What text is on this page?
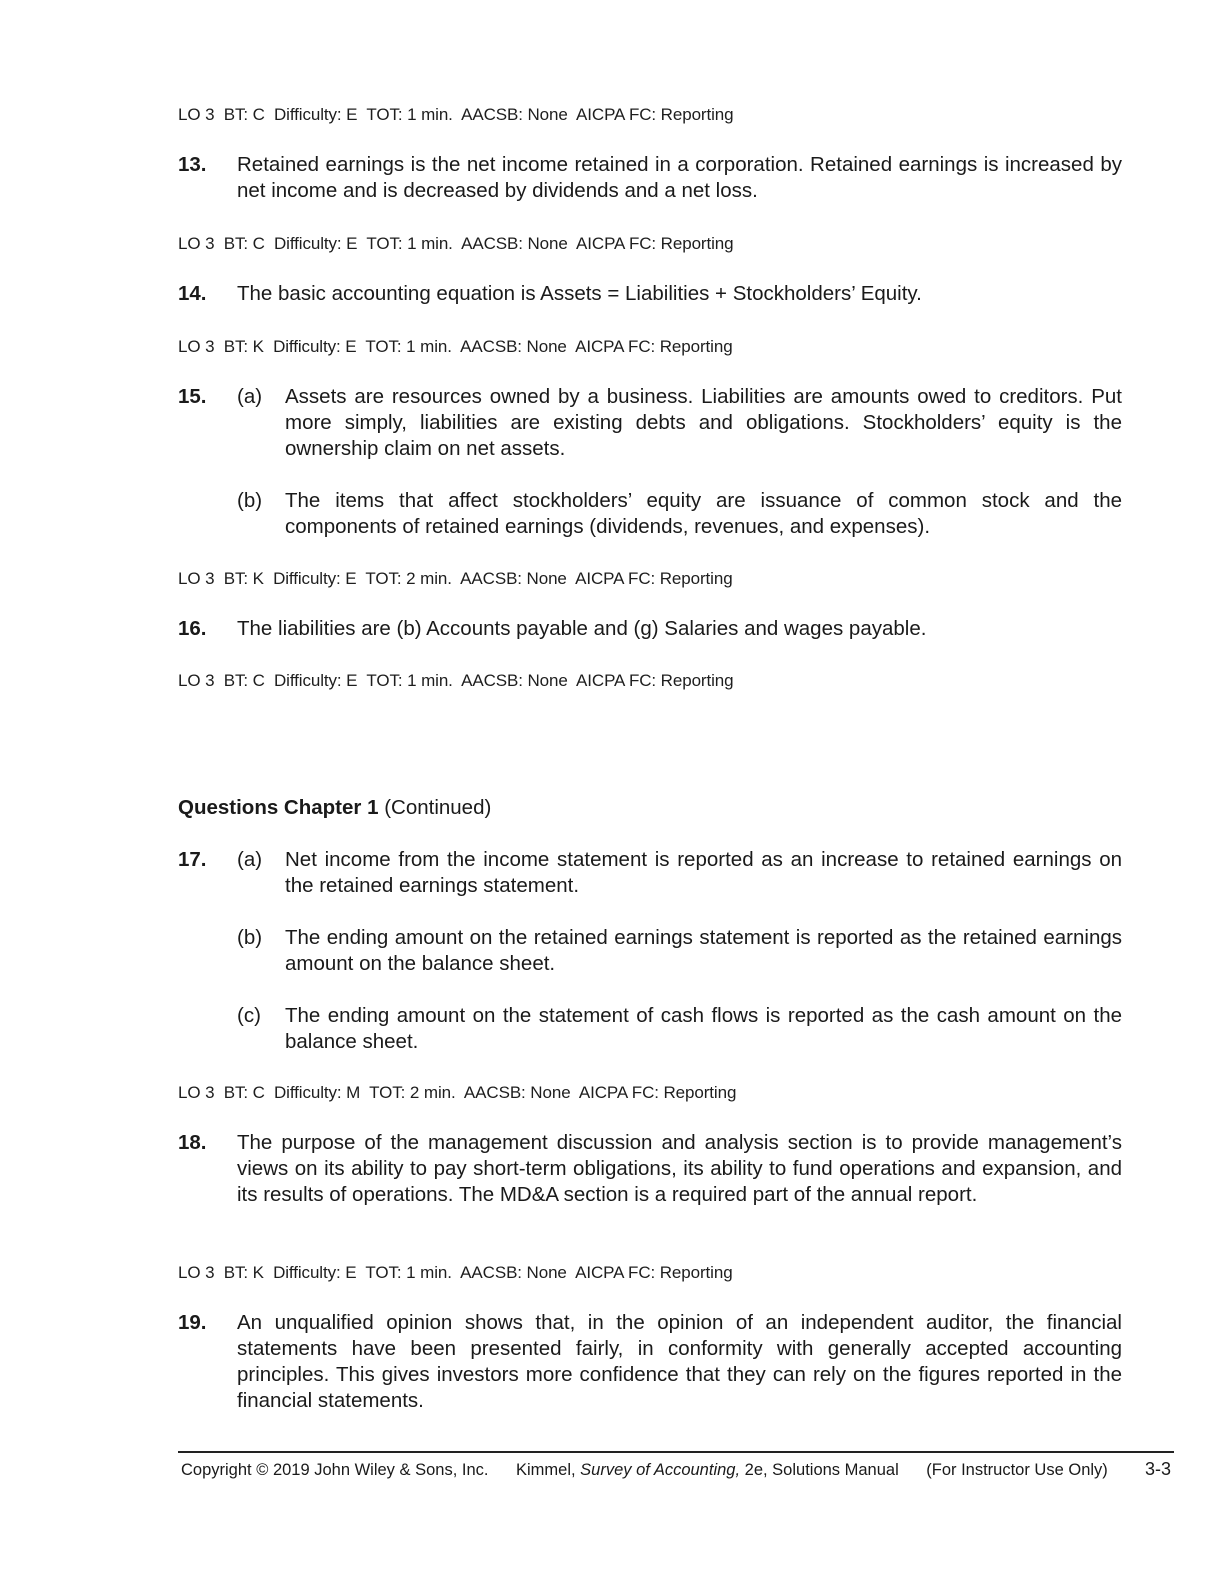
LO 3  BT: C  Difficulty: E  TOT: 1 min.  AACSB: None  AICPA FC: Reporting
13.	Retained earnings is the net income retained in a corporation. Retained earnings is increased by net income and is decreased by dividends and a net loss.
LO 3  BT: C  Difficulty: E  TOT: 1 min.  AACSB: None  AICPA FC: Reporting
14.	The basic accounting equation is Assets = Liabilities + Stockholders’ Equity.
LO 3  BT: K  Difficulty: E  TOT: 1 min.  AACSB: None  AICPA FC: Reporting
15.	(a) Assets are resources owned by a business. Liabilities are amounts owed to creditors. Put more simply, liabilities are existing debts and obligations. Stockholders’ equity is the ownership claim on net assets.
(b) The items that affect stockholders’ equity are issuance of common stock and the components of retained earnings (dividends, revenues, and expenses).
LO 3  BT: K  Difficulty: E  TOT: 2 min.  AACSB: None  AICPA FC: Reporting
16.	The liabilities are (b) Accounts payable and (g) Salaries and wages payable.
LO 3  BT: C  Difficulty: E  TOT: 1 min.  AACSB: None  AICPA FC: Reporting
Questions Chapter 1 (Continued)
17.	(a) Net income from the income statement is reported as an increase to retained earnings on the retained earnings statement.
(b) The ending amount on the retained earnings statement is reported as the retained earnings amount on the balance sheet.
(c) The ending amount on the statement of cash flows is reported as the cash amount on the balance sheet.
LO 3  BT: C  Difficulty: M  TOT: 2 min.  AACSB: None  AICPA FC: Reporting
18.	The purpose of the management discussion and analysis section is to provide management’s views on its ability to pay short-term obligations, its ability to fund operations and expansion, and its results of operations. The MD&A section is a required part of the annual report.
LO 3  BT: K  Difficulty: E  TOT: 1 min.  AACSB: None  AICPA FC: Reporting
19.	An unqualified opinion shows that, in the opinion of an independent auditor, the financial statements have been presented fairly, in conformity with generally accepted accounting principles. This gives investors more confidence that they can rely on the figures reported in the financial statements.
Copyright © 2019 John Wiley & Sons, Inc.      Kimmel, Survey of Accounting, 2e, Solutions Manual      (For Instructor Use Only) 3-3
